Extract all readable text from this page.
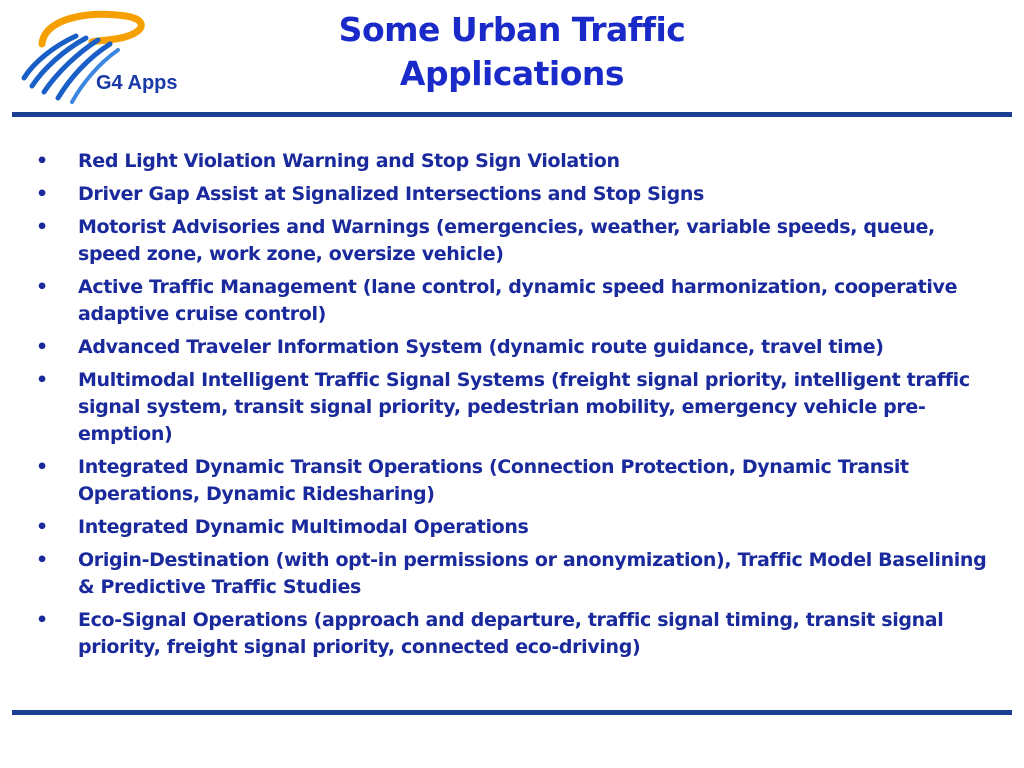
G4 Apps
Some Urban Traffic
Applications
• Red Light Violation Warning and Stop Sign Violation
• Driver Gap Assist at Signalized Intersections and Stop Signs
• Motorist Advisories and Warnings (emergencies, weather, variable speeds, queue, speed zone, work zone, oversize vehicle)
• Active Traffic Management (lane control, dynamic speed harmonization, cooperative adaptive cruise control)
• Advanced Traveler Information System (dynamic route guidance, travel time)
• Multimodal Intelligent Traffic Signal Systems (freight signal priority, intelligent traffic signal system, transit signal priority, pedestrian mobility, emergency vehicle pre-emption)
• Integrated Dynamic Transit Operations (Connection Protection, Dynamic Transit Operations, Dynamic Ridesharing)
• Integrated Dynamic Multimodal Operations
• Origin-Destination (with opt-in permissions or anonymization), Traffic Model Baselining & Predictive Traffic Studies
• Eco-Signal Operations (approach and departure, traffic signal timing, transit signal priority, freight signal priority, connected eco-driving)
